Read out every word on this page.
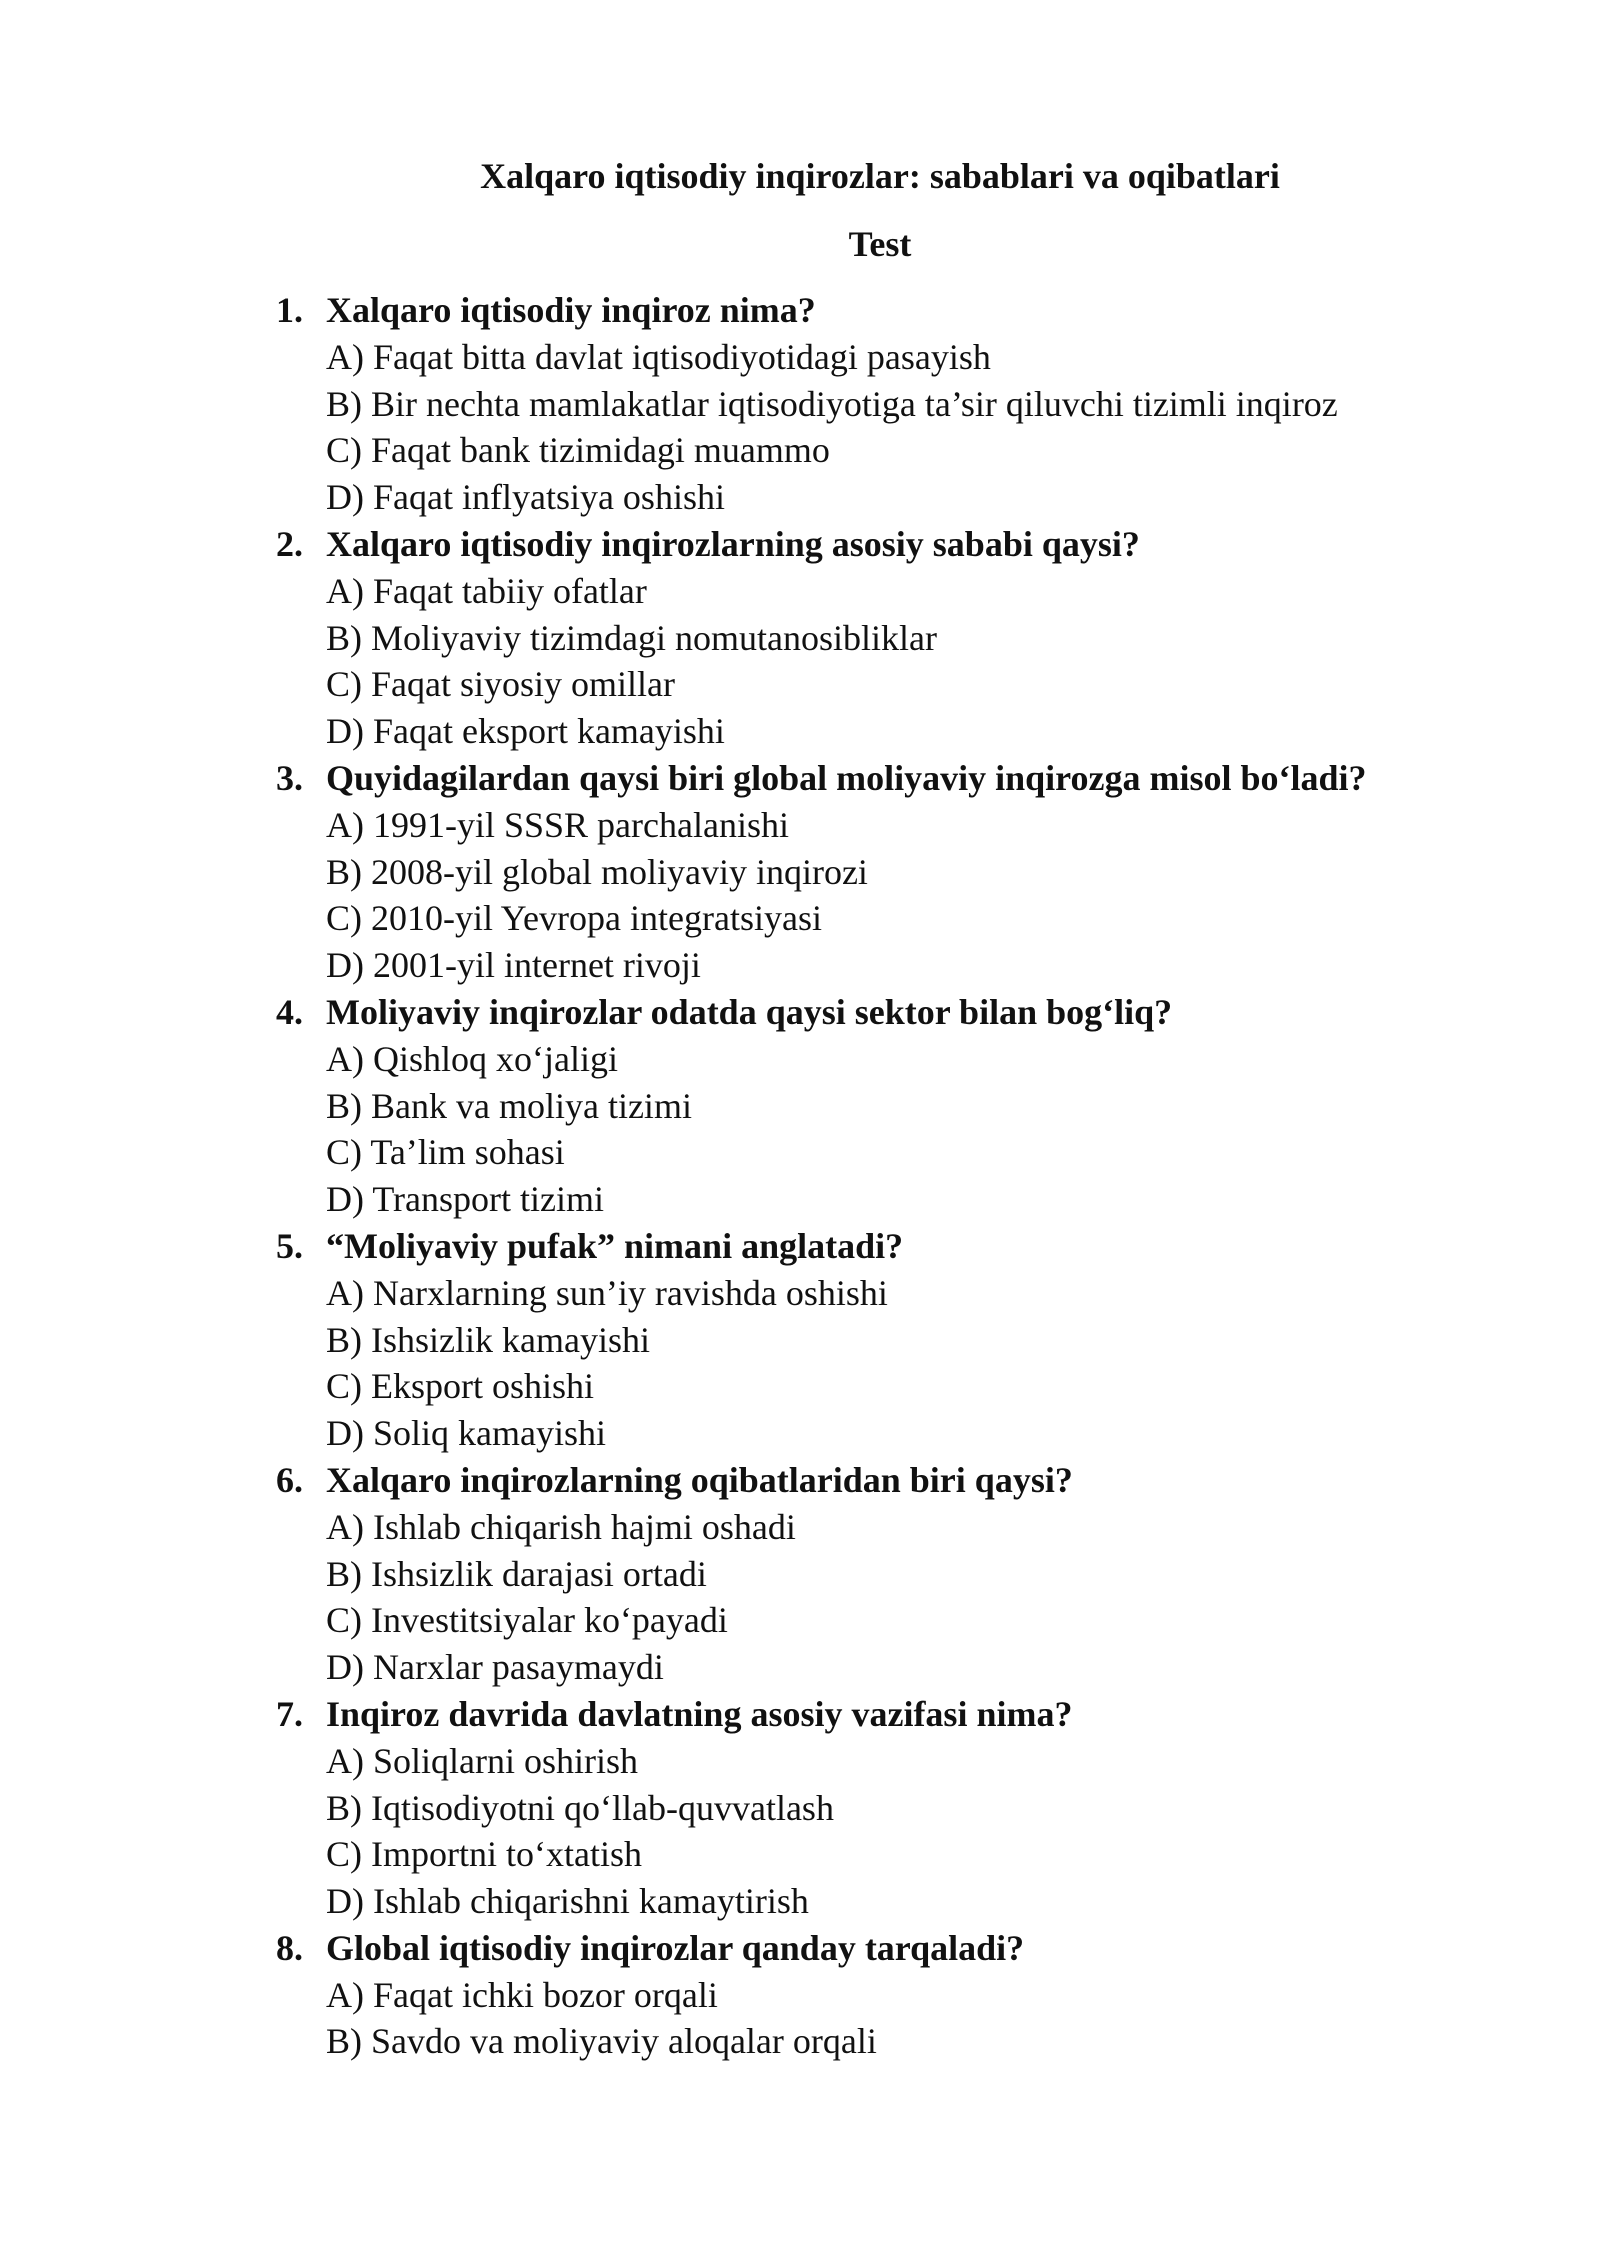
Xalqaro iqtisodiy inqirozlar: sabablari va oqibatlari
Test
1. Xalqaro iqtisodiy inqiroz nima?
A) Faqat bitta davlat iqtisodiyotidagi pasayish
B) Bir nechta mamlakatlar iqtisodiyotiga ta’sir qiluvchi tizimli inqiroz
C) Faqat bank tizimidagi muammo
D) Faqat inflyatsiya oshishi
2. Xalqaro iqtisodiy inqirozlarning asosiy sababi qaysi?
A) Faqat tabiiy ofatlar
B) Moliyaviy tizimdagi nomutanosibliklar
C) Faqat siyosiy omillar
D) Faqat eksport kamayishi
3. Quyidagilardan qaysi biri global moliyaviy inqirozga misol bo‘ladi?
A) 1991-yil SSSR parchalanishi
B) 2008-yil global moliyaviy inqirozi
C) 2010-yil Yevropa integratsiyasi
D) 2001-yil internet rivoji
4. Moliyaviy inqirozlar odatda qaysi sektor bilan bog‘liq?
A) Qishloq xo‘jaligi
B) Bank va moliya tizimi
C) Ta’lim sohasi
D) Transport tizimi
5. “Moliyaviy pufak” nimani anglatadi?
A) Narxlarning sun’iy ravishda oshishi
B) Ishsizlik kamayishi
C) Eksport oshishi
D) Soliq kamayishi
6. Xalqaro inqirozlarning oqibatlaridan biri qaysi?
A) Ishlab chiqarish hajmi oshadi
B) Ishsizlik darajasi ortadi
C) Investitsiyalar ko‘payadi
D) Narxlar pasaymaydi
7. Inqiroz davrida davlatning asosiy vazifasi nima?
A) Soliqlarni oshirish
B) Iqtisodiyotni qo‘llab-quvvatlash
C) Importni to‘xtatish
D) Ishlab chiqarishni kamaytirish
8. Global iqtisodiy inqirozlar qanday tarqaladi?
A) Faqat ichki bozor orqali
B) Savdo va moliyaviy aloqalar orqali
